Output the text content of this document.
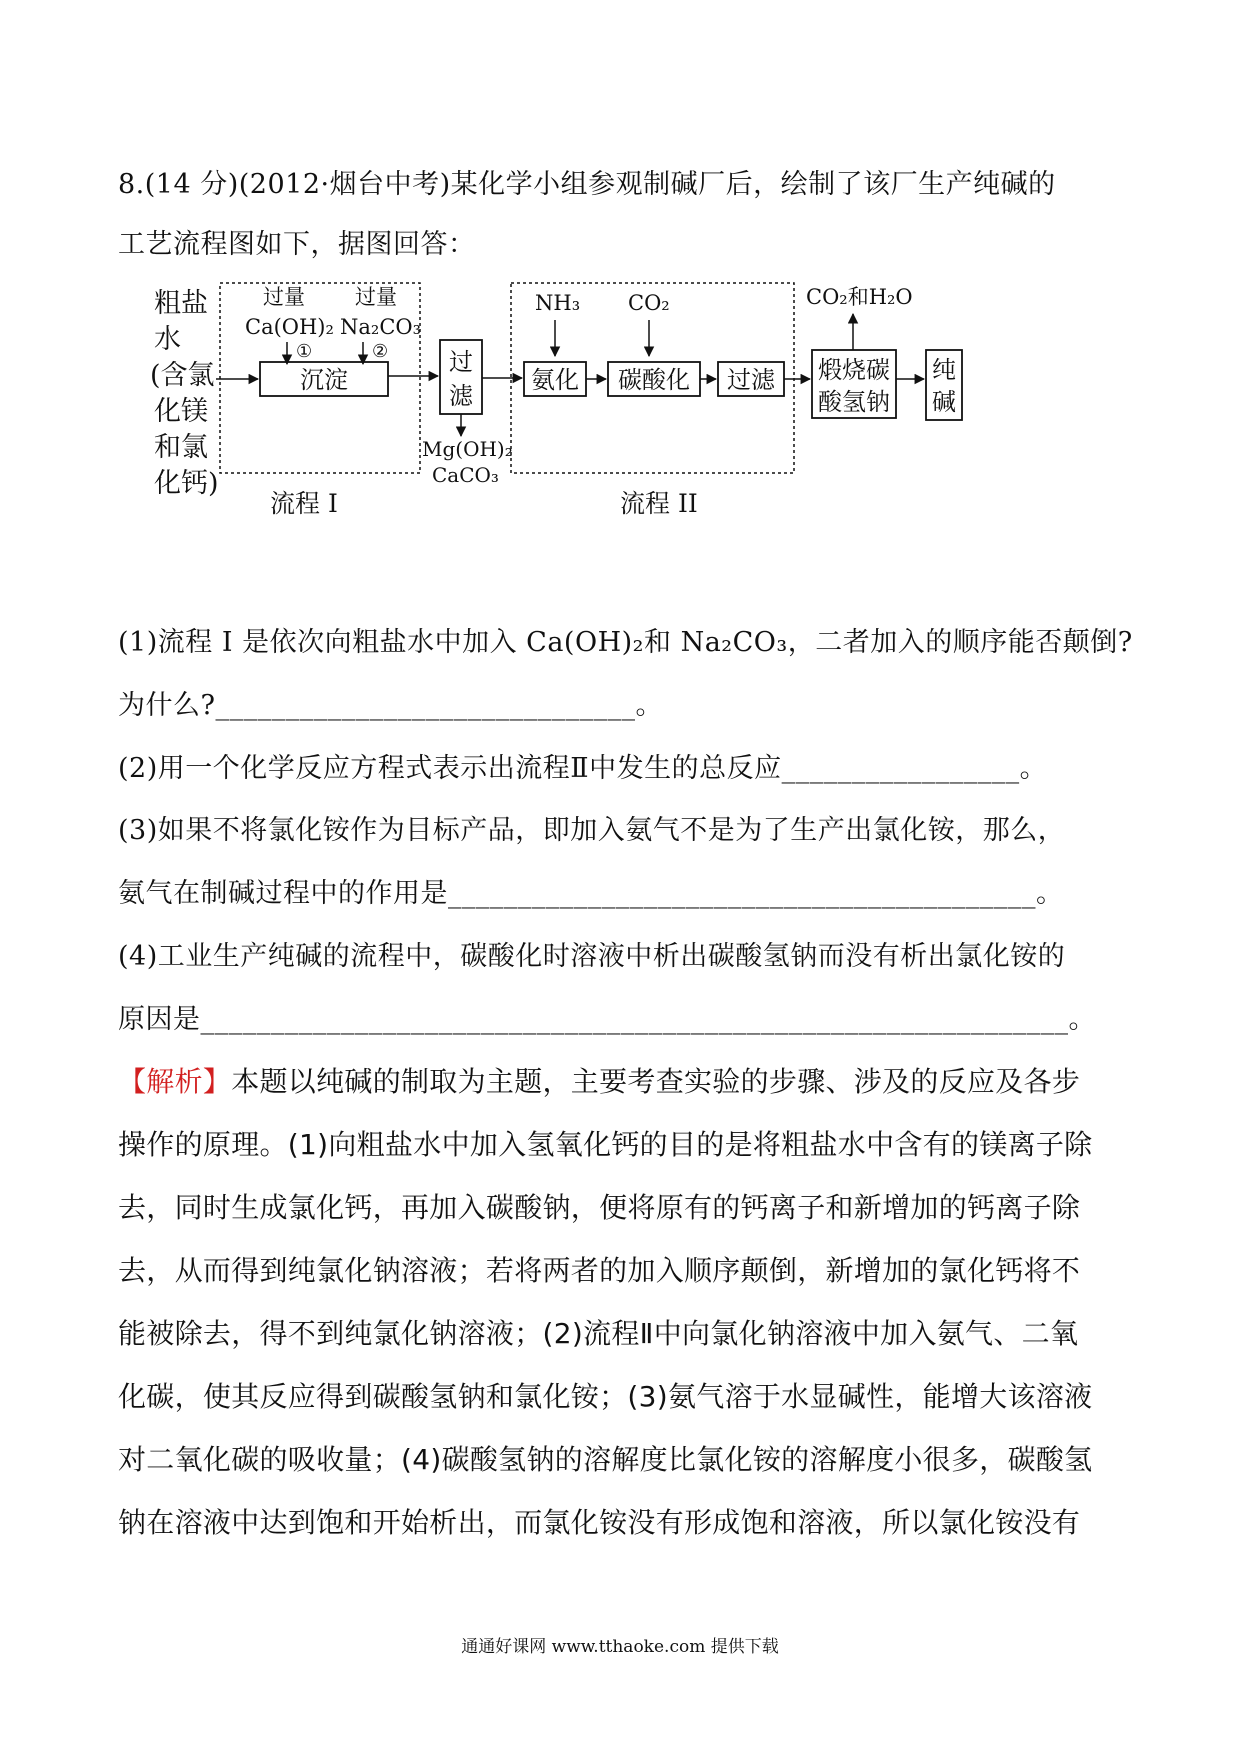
8.(14 分)(2012·烟台中考)某化学小组参观制碱厂后，绘制了该厂生产纯碱的
工艺流程图如下，据图回答：
粗盐
水
(含氯
化镁
和氯
化钙)
过量
Ca(OH)₂
①
过量
Na₂CO₃
②
沉淀
过
滤
Mg(OH)₂
CaCO₃
NH₃ CO₂
氨化 碳酸化 过滤
CO₂和H₂O
煅烧碳
酸氢钠
纯
碱
流程 I	流程 II
(1)流程 I 是依次向粗盐水中加入 Ca(OH)₂和 Na₂CO₃，二者加入的顺序能否颠倒?
为什么?______________________________。
(2)用一个化学反应方程式表示出流程Ⅱ中发生的总反应_________________。
(3)如果不将氯化铵作为目标产品，即加入氨气不是为了生产出氯化铵，那么，
氨气在制碱过程中的作用是__________________________________________。
(4)工业生产纯碱的流程中，碳酸化时溶液中析出碳酸氢钠而没有析出氯化铵的
原因是______________________________________________________________。
【解析】本题以纯碱的制取为主题，主要考查实验的步骤、涉及的反应及各步
操作的原理。(1)向粗盐水中加入氢氧化钙的目的是将粗盐水中含有的镁离子除
去，同时生成氯化钙，再加入碳酸钠，便将原有的钙离子和新增加的钙离子除
去，从而得到纯氯化钠溶液；若将两者的加入顺序颠倒，新增加的氯化钙将不
能被除去，得不到纯氯化钠溶液；(2)流程Ⅱ中向氯化钠溶液中加入氨气、二氧
化碳，使其反应得到碳酸氢钠和氯化铵；(3)氨气溶于水显碱性，能增大该溶液
对二氧化碳的吸收量；(4)碳酸氢钠的溶解度比氯化铵的溶解度小很多，碳酸氢
钠在溶液中达到饱和开始析出，而氯化铵没有形成饱和溶液，所以氯化铵没有
通通好课网 www.tthaoke.com 提供下载
